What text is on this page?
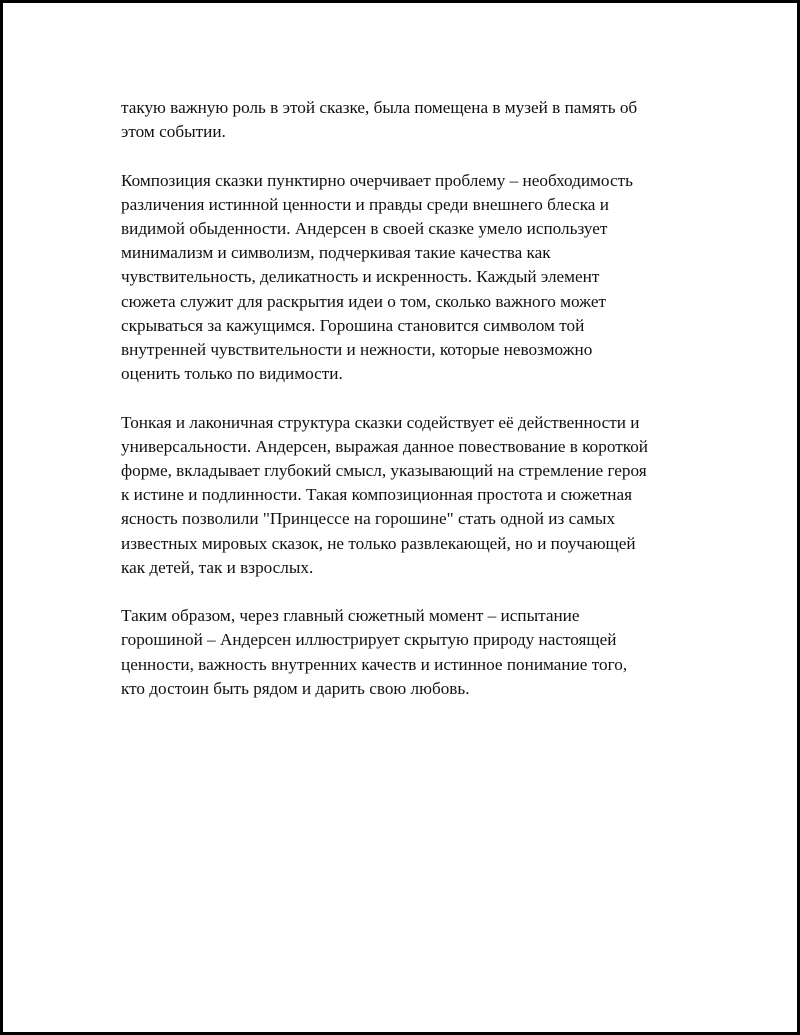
такую важную роль в этой сказке, была помещена в музей в память об
этом событии.

Композиция сказки пунктирно очерчивает проблему – необходимость
различения истинной ценности и правды среди внешнего блеска и
видимой обыденности. Андерсен в своей сказке умело использует
минимализм и символизм, подчеркивая такие качества как
чувствительность, деликатность и искренность. Каждый элемент
сюжета служит для раскрытия идеи о том, сколько важного может
скрываться за кажущимся. Горошина становится символом той
внутренней чувствительности и нежности, которые невозможно
оценить только по видимости.

Тонкая и лаконичная структура сказки содействует её действенности и
универсальности. Андерсен, выражая данное повествование в короткой
форме, вкладывает глубокий смысл, указывающий на стремление героя
к истине и подлинности. Такая композиционная простота и сюжетная
ясность позволили "Принцессе на горошине" стать одной из самых
известных мировых сказок, не только развлекающей, но и поучающей
как детей, так и взрослых.

Таким образом, через главный сюжетный момент – испытание
горошиной – Андерсен иллюстрирует скрытую природу настоящей
ценности, важность внутренних качеств и истинное понимание того,
кто достоин быть рядом и дарить свою любовь.
